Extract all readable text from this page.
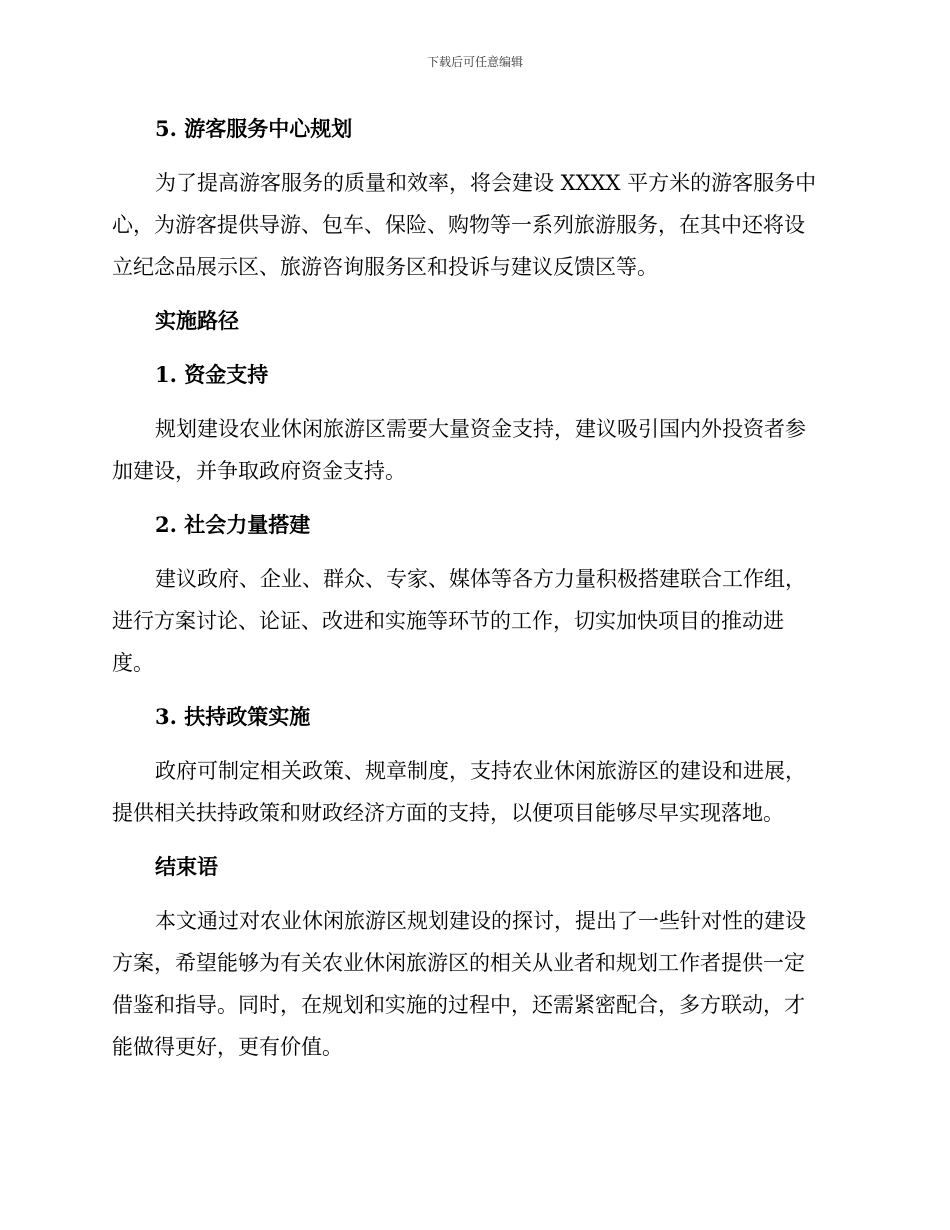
下载后可任意编辑
5. 游客服务中心规划
为了提高游客服务的质量和效率，将会建设 XXXX 平方米的游客服务中
心，为游客提供导游、包车、保险、购物等一系列旅游服务，在其中还将设
立纪念品展示区、旅游咨询服务区和投诉与建议反馈区等。
实施路径
1. 资金支持
规划建设农业休闲旅游区需要大量资金支持，建议吸引国内外投资者参
加建设，并争取政府资金支持。
2. 社会力量搭建
建议政府、企业、群众、专家、媒体等各方力量积极搭建联合工作组，
进行方案讨论、论证、改进和实施等环节的工作，切实加快项目的推动进
度。
3. 扶持政策实施
政府可制定相关政策、规章制度，支持农业休闲旅游区的建设和进展，
提供相关扶持政策和财政经济方面的支持，以便项目能够尽早实现落地。
结束语
本文通过对农业休闲旅游区规划建设的探讨，提出了一些针对性的建设
方案，希望能够为有关农业休闲旅游区的相关从业者和规划工作者提供一定
借鉴和指导。同时，在规划和实施的过程中，还需紧密配合，多方联动，才
能做得更好，更有价值。
